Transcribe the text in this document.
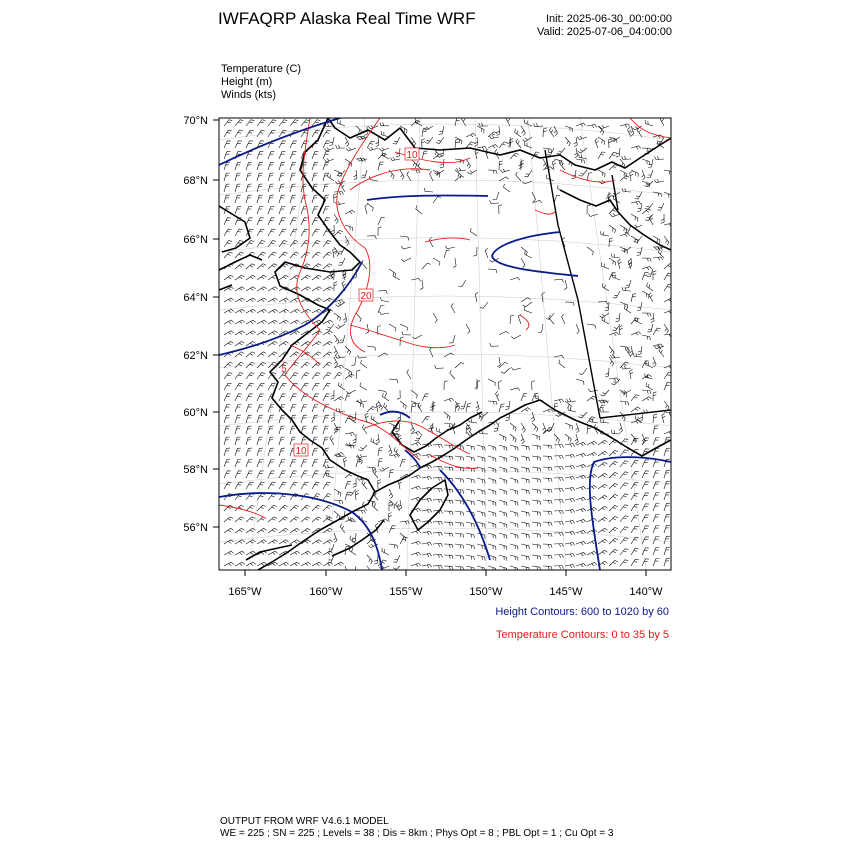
IWFAQRP Alaska Real Time WRF	Init: 2025-06-30_00:00:00
Valid: 2025-07-06_04:00:00
Temperature (C)
Height (m)
Winds (kts)
10
20
5
10
70°N
68°N
66°N
64°N
62°N
60°N
58°N
56°N
165°W	160°W	155°W	150°W	145°W	140°W
Height Contours: 600 to 1020 by 60
Temperature Contours: 0 to 35 by 5
OUTPUT FROM WRF V4.6.1 MODEL
WE = 225 ; SN = 225 ; Levels = 38 ; Dis = 8km ; Phys Opt = 8 ; PBL Opt = 1 ; Cu Opt = 3
